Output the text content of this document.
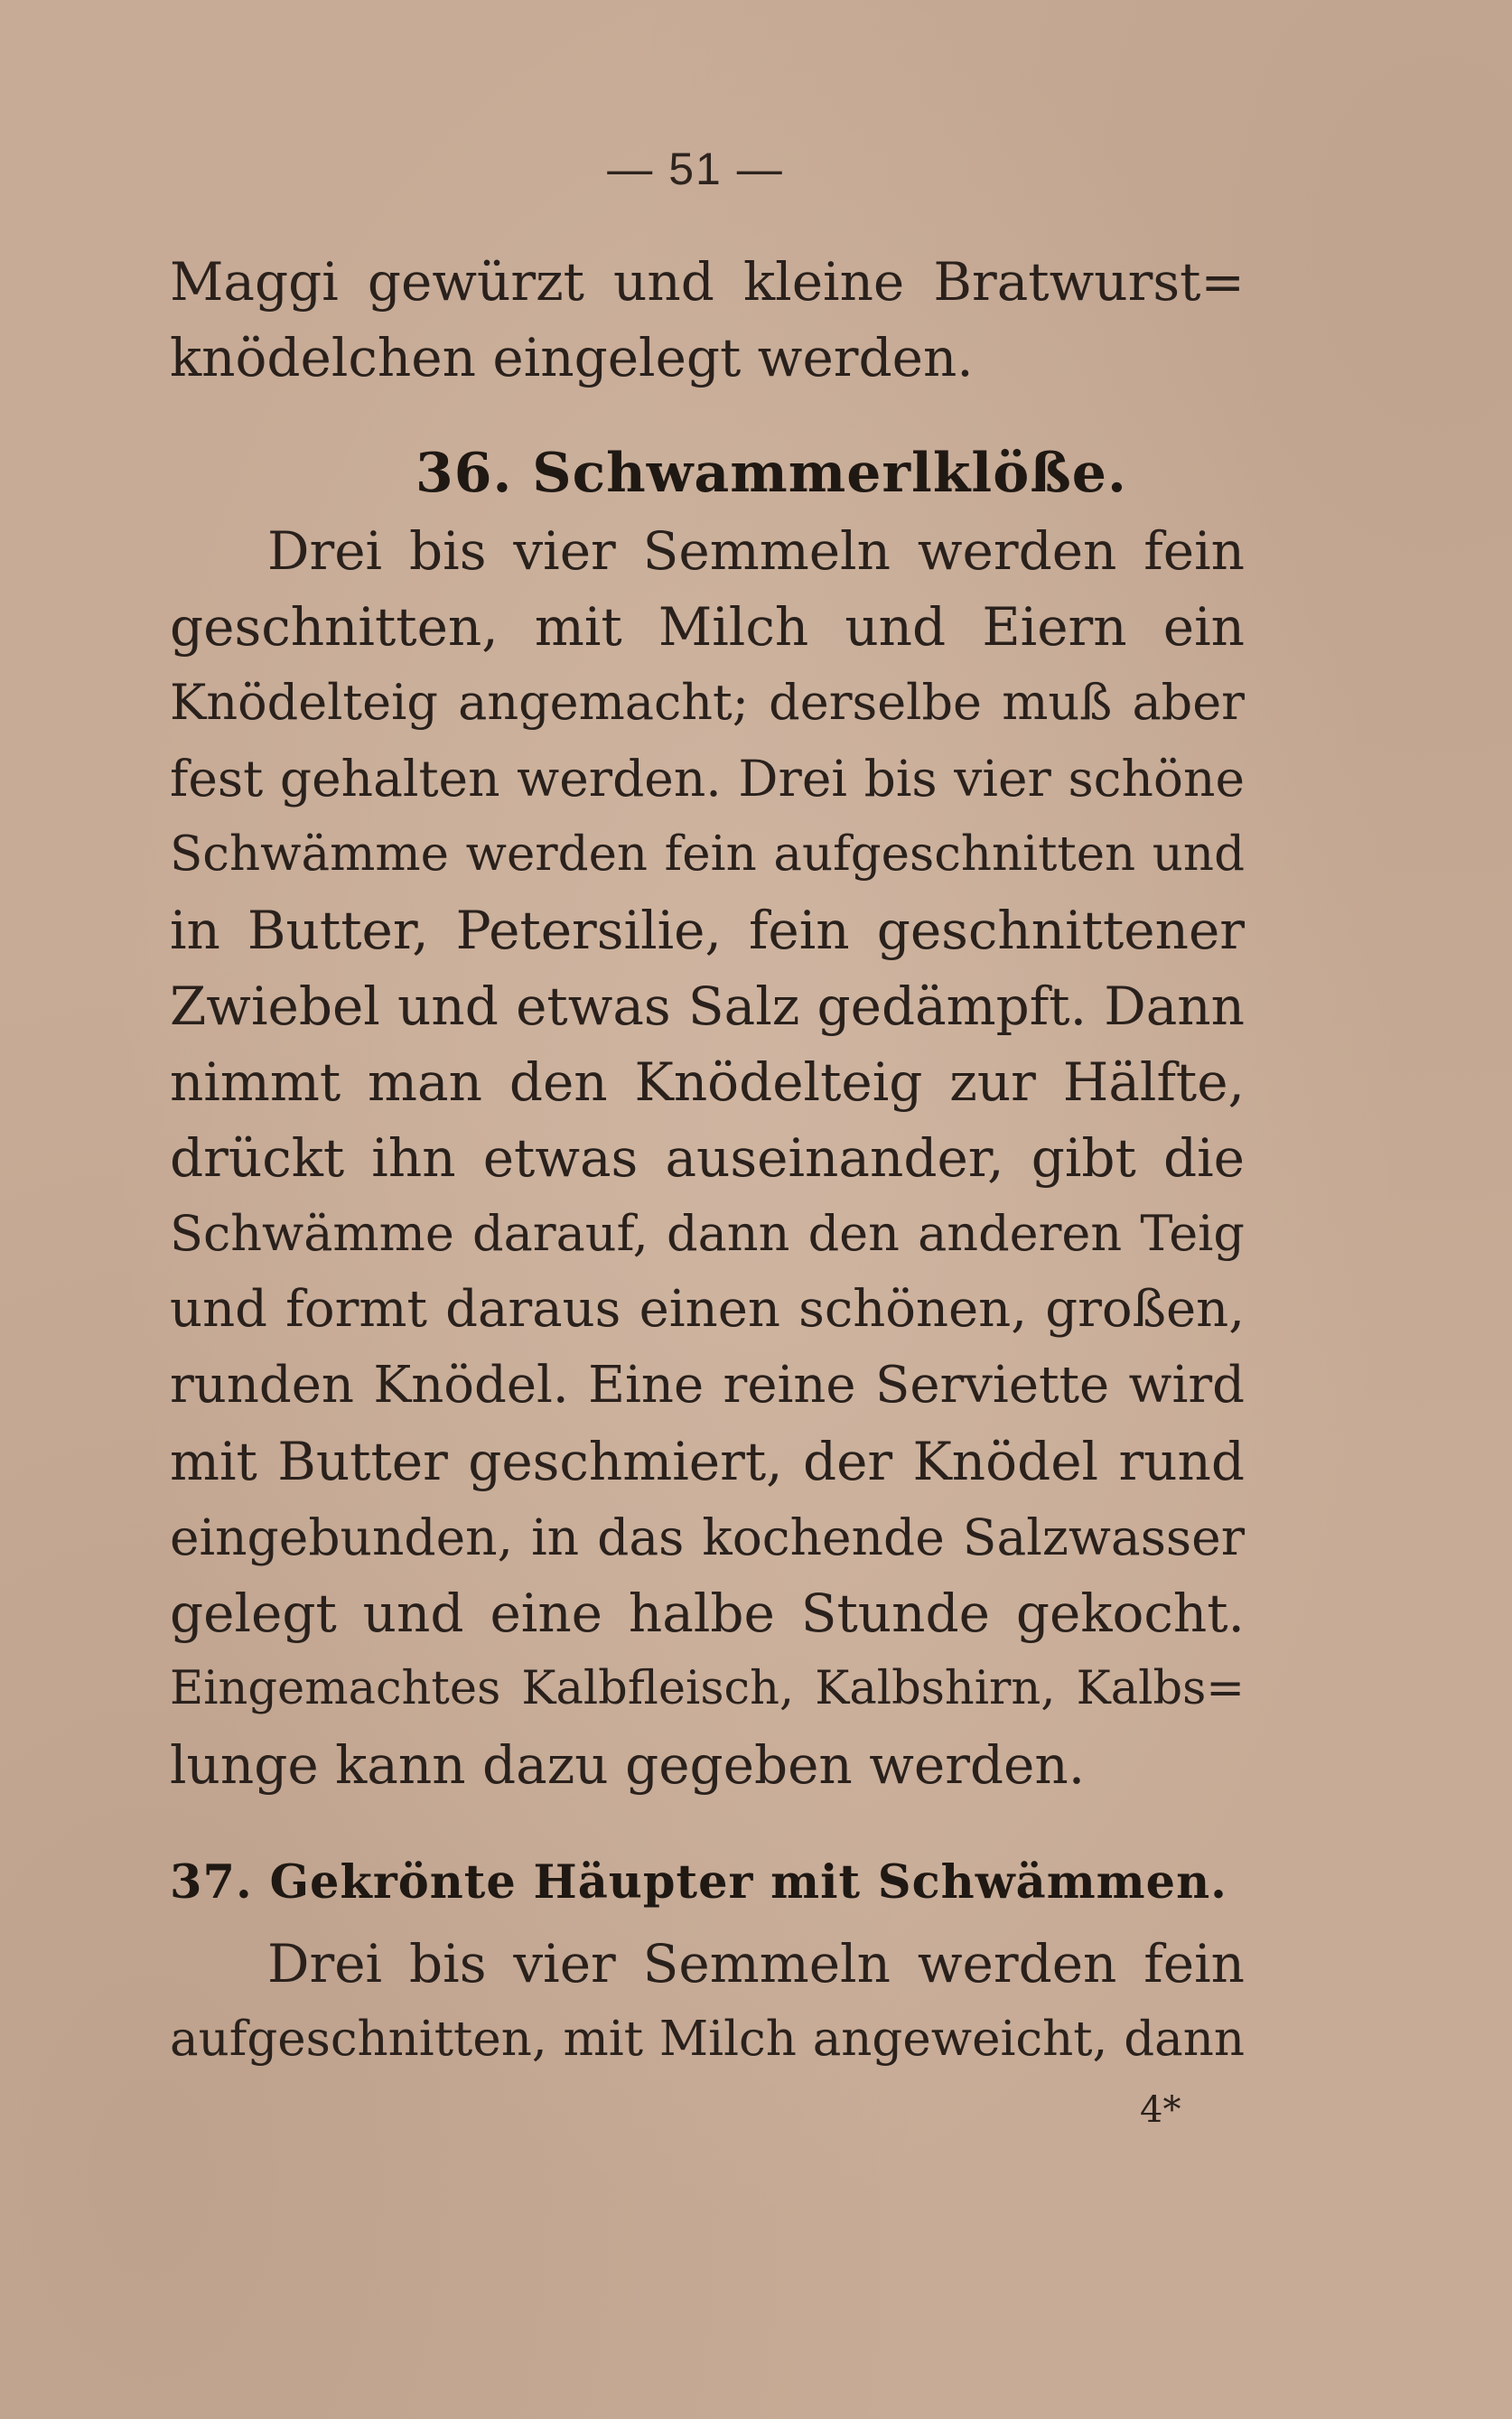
— 51 —
Maggi gewürzt und kleine Bratwurst=
knödelchen eingelegt werden.
36. Schwammerlklöße.
Drei bis vier Semmeln werden fein
geschnitten, mit Milch und Eiern ein
Knödelteig angemacht; derselbe muß aber
fest gehalten werden. Drei bis vier schöne
Schwämme werden fein aufgeschnitten und
in Butter, Petersilie, fein geschnittener
Zwiebel und etwas Salz gedämpft. Dann
nimmt man den Knödelteig zur Hälfte,
drückt ihn etwas auseinander, gibt die
Schwämme darauf, dann den anderen Teig
und formt daraus einen schönen, großen,
runden Knödel. Eine reine Serviette wird
mit Butter geschmiert, der Knödel rund
eingebunden, in das kochende Salzwasser
gelegt und eine halbe Stunde gekocht.
Eingemachtes Kalbfleisch, Kalbshirn, Kalbs=
lunge kann dazu gegeben werden.
37. Gekrönte Häupter mit Schwämmen.
Drei bis vier Semmeln werden fein
aufgeschnitten, mit Milch angeweicht, dann
4*
